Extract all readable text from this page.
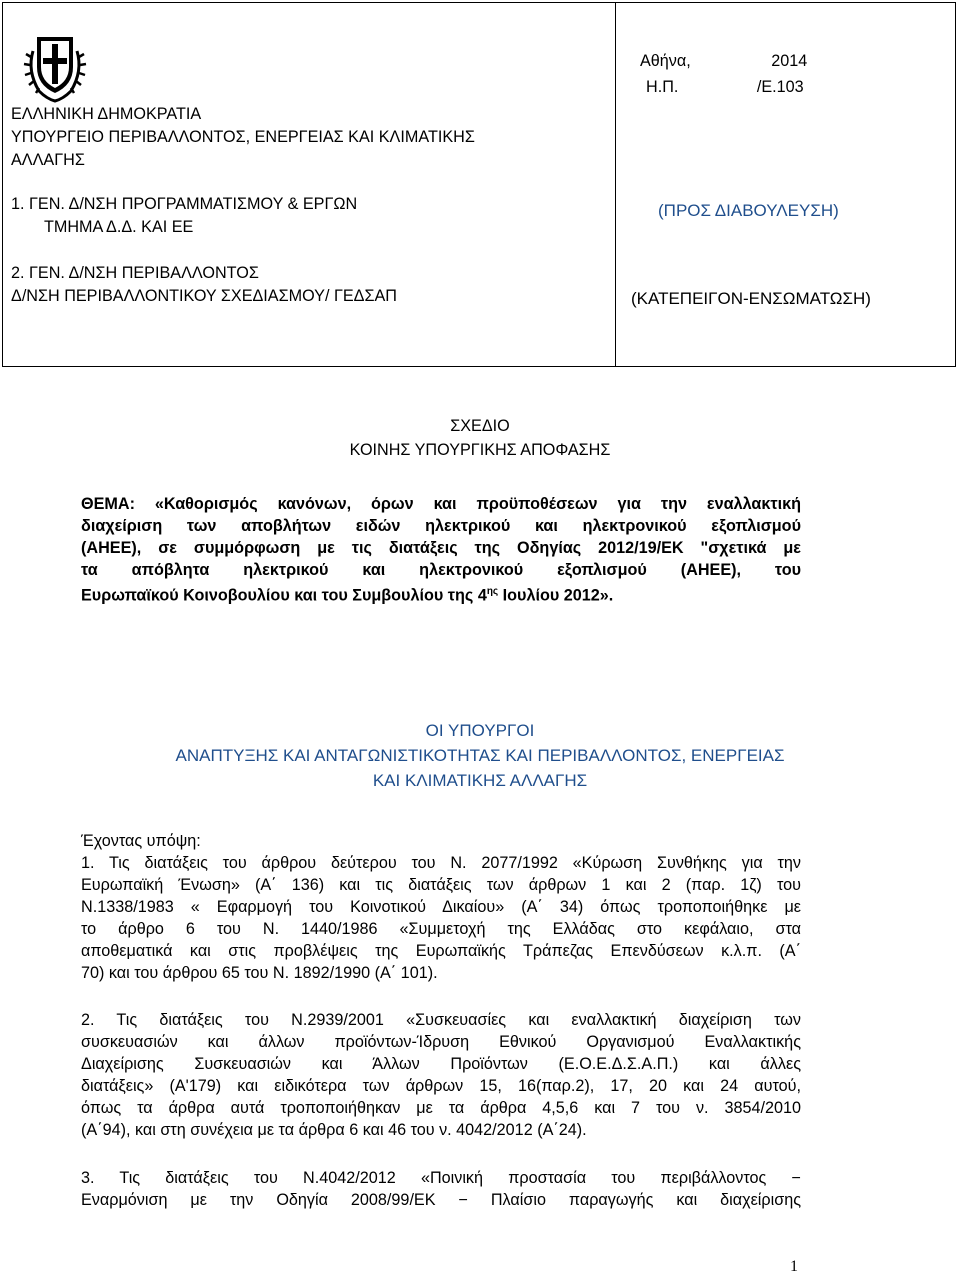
ΕΛΛΗΝΙΚΗ ΔΗΜΟΚΡΑΤΙΑ
ΥΠΟΥΡΓΕΙΟ ΠΕΡΙΒΑΛΛΟΝΤΟΣ, ΕΝΕΡΓΕΙΑΣ ΚΑΙ ΚΛΙΜΑΤΙΚΗΣ
ΑΛΛΑΓΗΣ
1. ΓΕΝ. Δ/ΝΣΗ ΠΡΟΓΡΑΜΜΑΤΙΣΜΟΥ & ΕΡΓΩΝ
ΤΜΗΜΑ Δ.Δ. ΚΑΙ ΕΕ
2. ΓΕΝ. Δ/ΝΣΗ ΠΕΡΙΒΑΛΛΟΝΤΟΣ
Δ/ΝΣΗ ΠΕΡΙΒΑΛΛΟΝΤΙΚΟΥ ΣΧΕΔΙΑΣΜΟΥ/ ΓΕΔΣΑΠ
Αθήνα,	2014
Η.Π.	/Ε.103
(ΠΡΟΣ ΔΙΑΒΟΥΛΕΥΣΗ)
(ΚΑΤΕΠΕΙΓΟΝ-ΕΝΣΩΜΑΤΩΣΗ)
ΣΧΕΔΙΟ
ΚΟΙΝΗΣ ΥΠΟΥΡΓΙΚΗΣ ΑΠΟΦΑΣΗΣ
ΘΕΜΑ: «Καθορισμός κανόνων, όρων και προϋποθέσεων για την εναλλακτική
διαχείριση των αποβλήτων ειδών ηλεκτρικού και ηλεκτρονικού εξοπλισμού
(ΑΗΕΕ), σε συμμόρφωση με τις διατάξεις της Οδηγίας 2012/19/ΕΚ "σχετικά με
τα απόβλητα ηλεκτρικού και ηλεκτρονικού εξοπλισμού (ΑΗΕΕ), του
Ευρωπαϊκού Κοινοβουλίου και του Συμβουλίου της $4^{\eta\varsigma}$ Ιουλίου 2012».
ΟΙ ΥΠΟΥΡΓΟΙ
ΑΝΑΠΤΥΞΗΣ ΚΑΙ ΑΝΤΑΓΩΝΙΣΤΙΚΟΤΗΤΑΣ ΚΑΙ ΠΕΡΙΒΑΛΛΟΝΤΟΣ, ΕΝΕΡΓΕΙΑΣ
ΚΑΙ ΚΛΙΜΑΤΙΚΗΣ ΑΛΛΑΓΗΣ
Έχοντας υπόψη:
1. Τις διατάξεις του άρθρου δεύτερου του Ν. 2077/1992 «Κύρωση Συνθήκης για την
Ευρωπαϊκή Ένωση» (Α΄ 136) και τις διατάξεις των άρθρων 1 και 2 (παρ. 1ζ) του
Ν.1338/1983 « Εφαρμογή του Κοινοτικού Δικαίου» (Α΄ 34) όπως τροποποιήθηκε με
το άρθρο 6 του Ν. 1440/1986 «Συμμετοχή της Ελλάδας στο κεφάλαιο, στα
αποθεματικά και στις προβλέψεις της Ευρωπαϊκής Τράπεζας Επενδύσεων κ.λ.π. (Α΄
70) και του άρθρου 65 του Ν. 1892/1990 (Α΄ 101).
2. Τις διατάξεις του Ν.2939/2001 «Συσκευασίες και εναλλακτική διαχείριση των
συσκευασιών και άλλων προϊόντων-Ίδρυση Εθνικού Οργανισμού Εναλλακτικής
Διαχείρισης Συσκευασιών και Άλλων Προϊόντων (Ε.Ο.Ε.Δ.Σ.Α.Π.) και άλλες
διατάξεις» (Α'179) και ειδικότερα των άρθρων 15, 16(παρ.2), 17, 20 και 24 αυτού,
όπως τα άρθρα αυτά τροποποιήθηκαν με τα άρθρα 4,5,6 και 7 του ν. 3854/2010
(Α΄94), και στη συνέχεια με τα άρθρα 6 και 46 του ν. 4042/2012 (Α΄24).
3. Τις διατάξεις του Ν.4042/2012 «Ποινική προστασία του περιβάλλοντος −
Εναρμόνιση με την Οδηγία 2008/99/ΕΚ − Πλαίσιο παραγωγής και διαχείρισης
1
